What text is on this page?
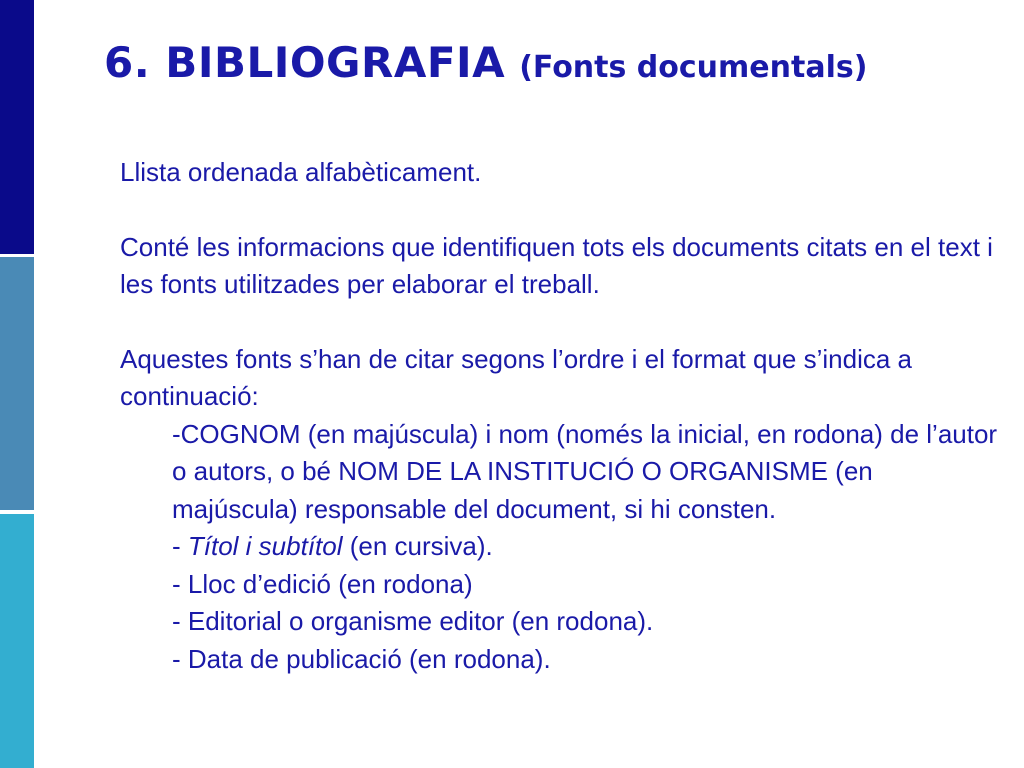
6. BIBLIOGRAFIA (Fonts documentals)

Llista ordenada alfabèticament.

Conté les informacions que identifiquen tots els documents citats en el text i les fonts utilitzades per elaborar el treball.

Aquestes fonts s’han de citar segons l’ordre i el format que s’indica a continuació:

-COGNOM (en majúscula) i nom (només la inicial, en rodona) de l’autor o autors, o bé NOM DE LA INSTITUCIÓ O ORGANISME (en majúscula) responsable del document, si hi consten.

- Títol i subtítol (en cursiva).

- Lloc d’edició (en rodona)

- Editorial o organisme editor (en rodona).

- Data de publicació (en rodona).
